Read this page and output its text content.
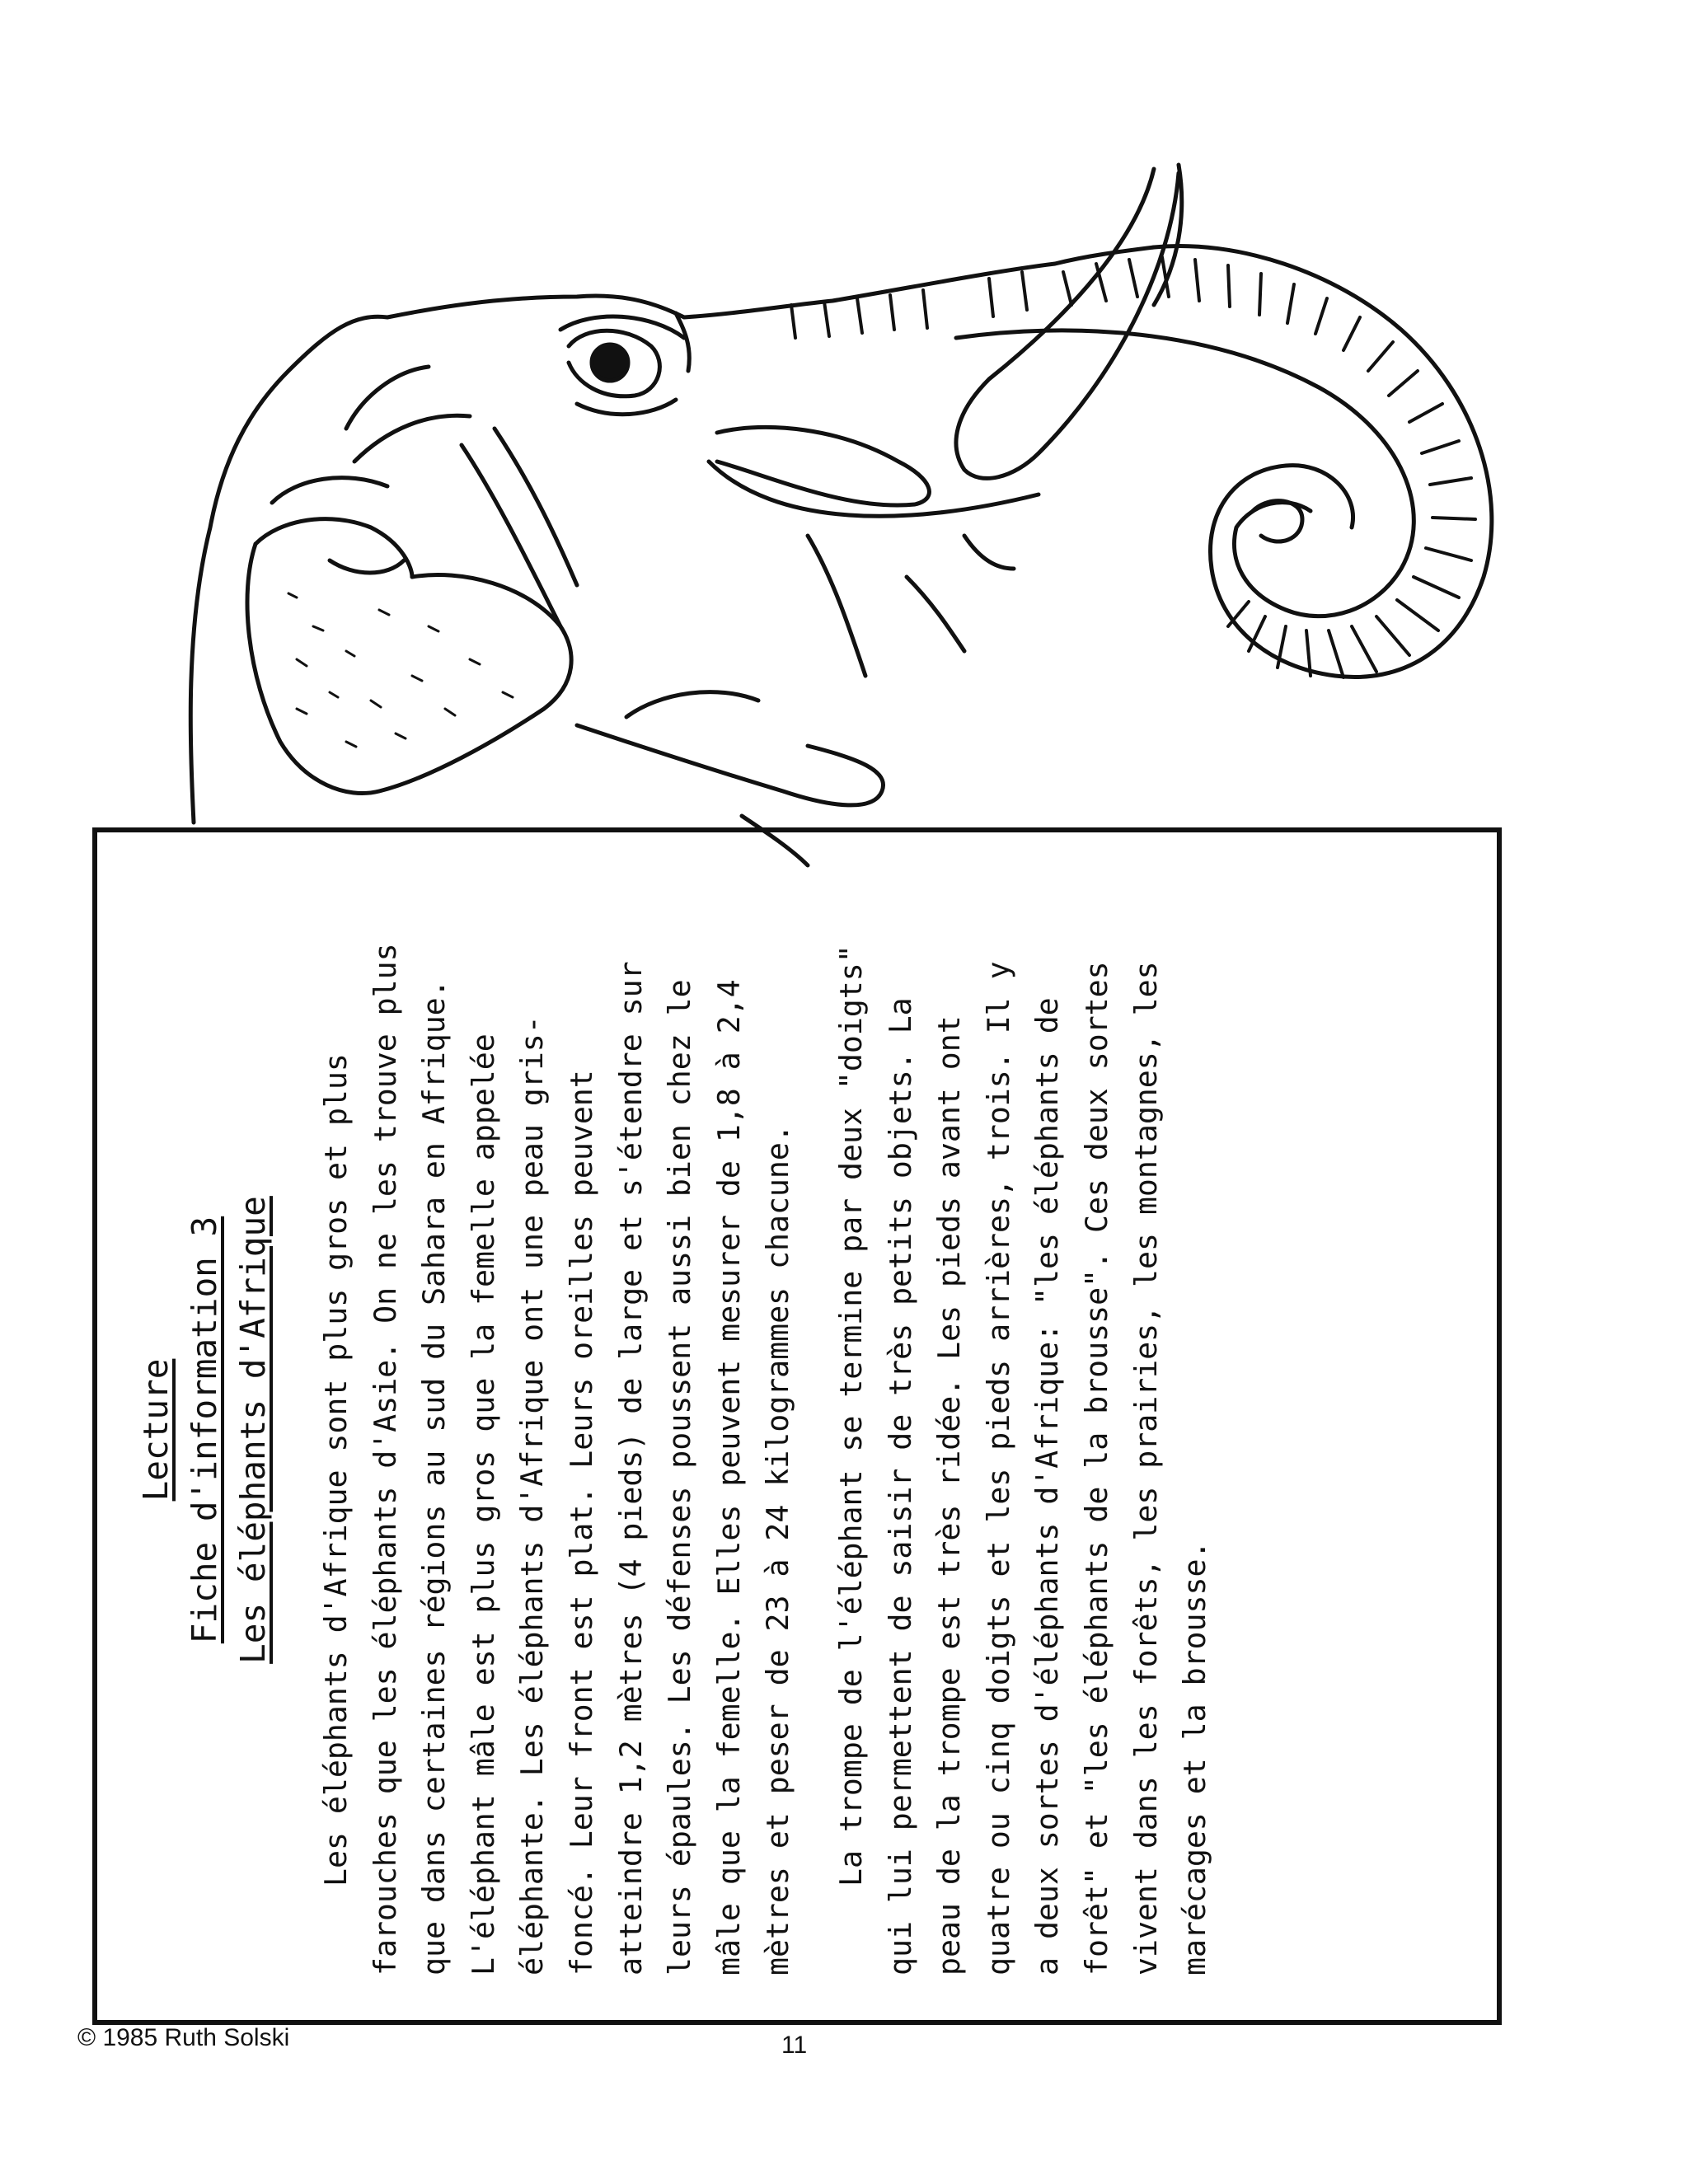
Lecture Fiche d'information 3 Les éléphants d'Afrique Les éléphants d'Afrique sont plus gros et plus farouches que les éléphants d'Asie. On ne les trouve plus que dans certaines régions au sud du Sahara en Afrique. L'éléphant mâle est plus gros que la femelle appelée éléphante. Les éléphants d'Afrique ont une peau gris- foncé. Leur front est plat. Leurs oreilles peuvent atteindre 1,2 mètres (4 pieds) de large et s'étendre sur leurs épaules. Les défenses poussent aussi bien chez le mâle que la femelle. Elles peuvent mesurer de 1,8 à 2,4 mètres et peser de 23 à 24 kilogrammes chacune. La trompe de l'éléphant se termine par deux "doigts" qui lui permettent de saisir de très petits objets. La peau de la trompe est très ridée. Les pieds avant ont quatre ou cinq doigts et les pieds arrières, trois. Il y a deux sortes d'éléphants d'Afrique: "les éléphants de forêt" et "les éléphants de la brousse". Ces deux sortes vivent dans les forêts, les prairies, les montagnes, les marécages et la brousse.
© 1985 Ruth Solski	11
